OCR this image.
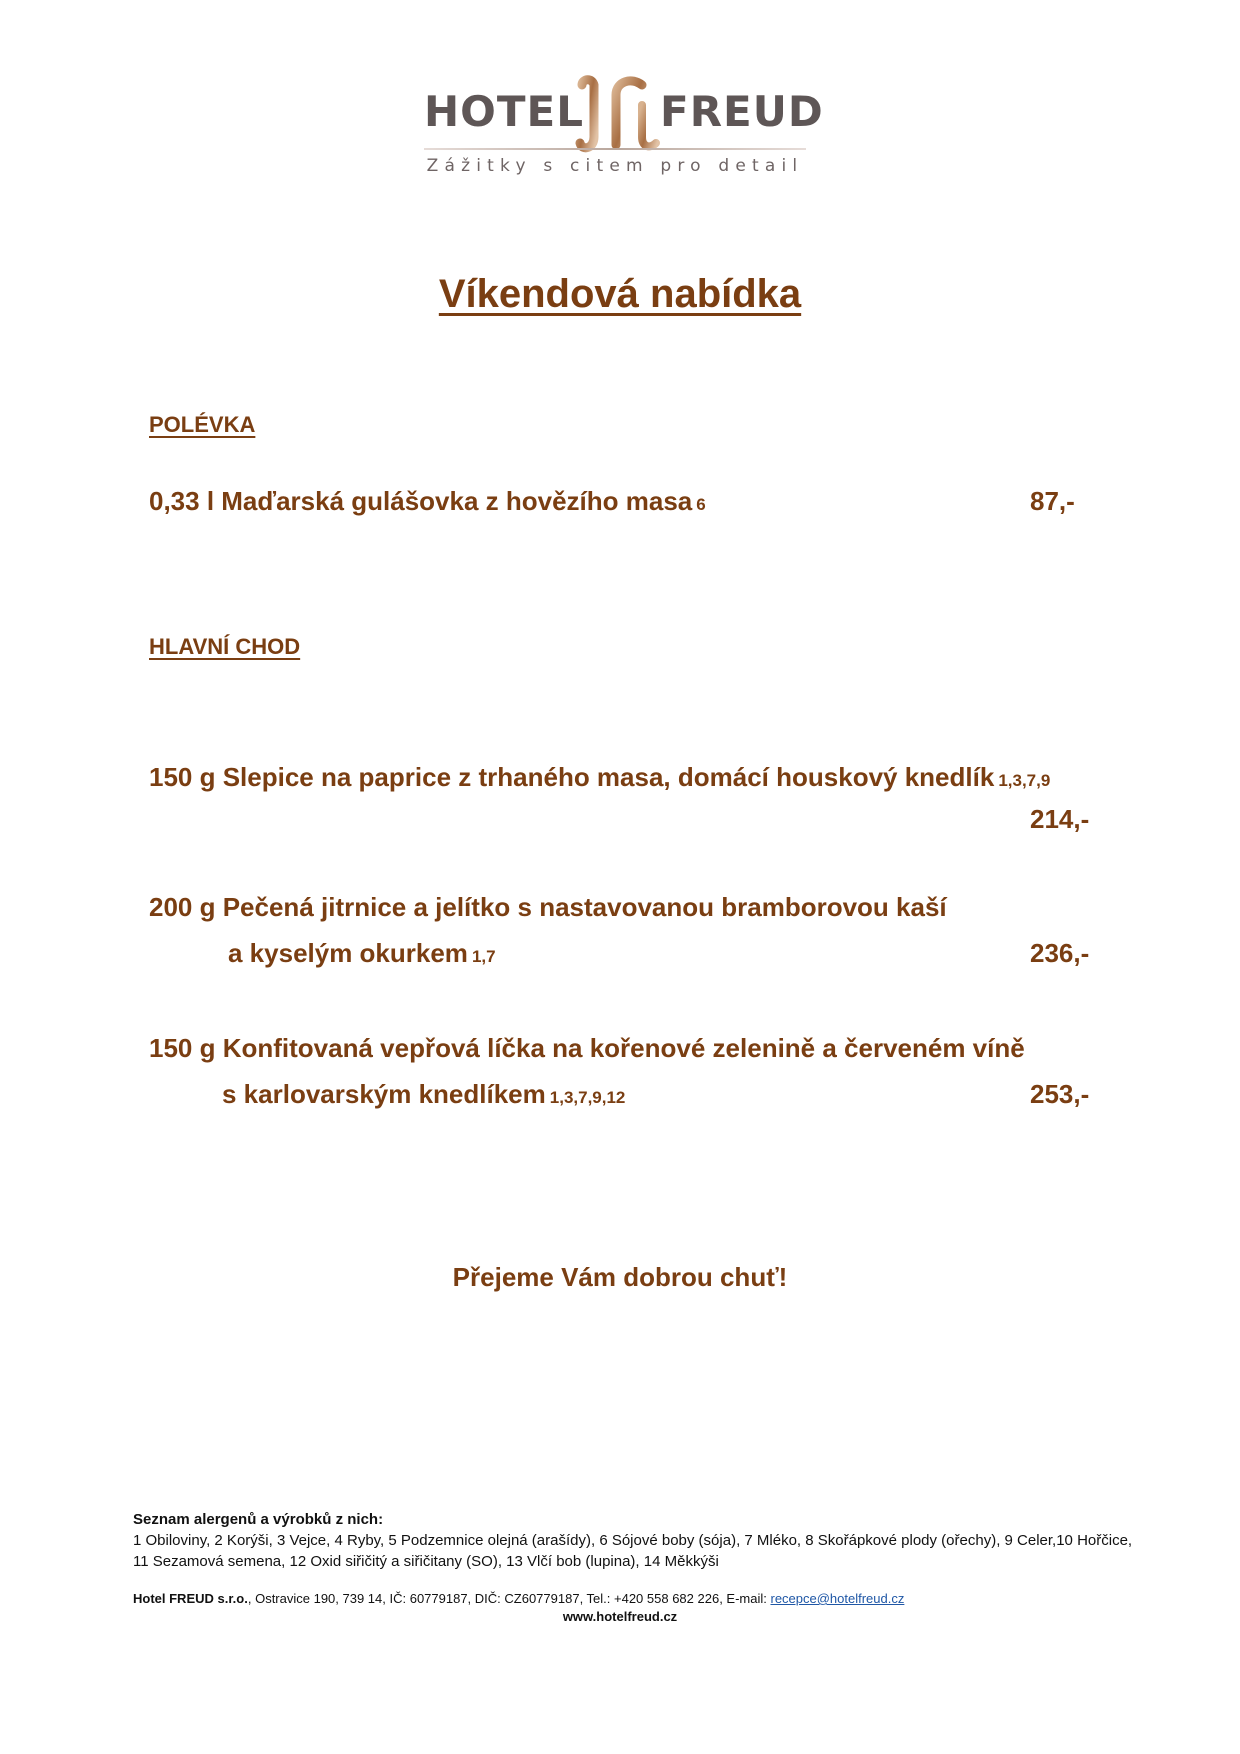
HOTEL FREUD
Zážitky s citem pro detail
Víkendová nabídka
POLÉVKA
0,33 l Maďarská gulášovka z hovězího masa 6	87,-
HLAVNÍ CHOD
150 g Slepice na paprice z trhaného masa, domácí houskový knedlík 1,3,7,9
214,-
200 g Pečená jitrnice a jelítko s nastavovanou bramborovou kaší
a kyselým okurkem 1,7	236,-
150 g Konfitovaná vepřová líčka na kořenové zelenině a červeném víně
s karlovarským knedlíkem 1,3,7,9,12	253,-
Přejeme Vám dobrou chuť!
Seznam alergenů a výrobků z nich:
1 Obiloviny, 2 Korýši, 3 Vejce, 4 Ryby, 5 Podzemnice olejná (arašídy), 6 Sójové boby (sója), 7 Mléko, 8 Skořápkové plody (ořechy), 9 Celer,10 Hořčice,
11 Sezamová semena, 12 Oxid siřičitý a siřičitany (SO), 13 Vlčí bob (lupina), 14 Měkkýši
Hotel FREUD s.r.o., Ostravice 190, 739 14, IČ: 60779187, DIČ: CZ60779187, Tel.: +420 558 682 226, E-mail: recepce@hotelfreud.cz
www.hotelfreud.cz
